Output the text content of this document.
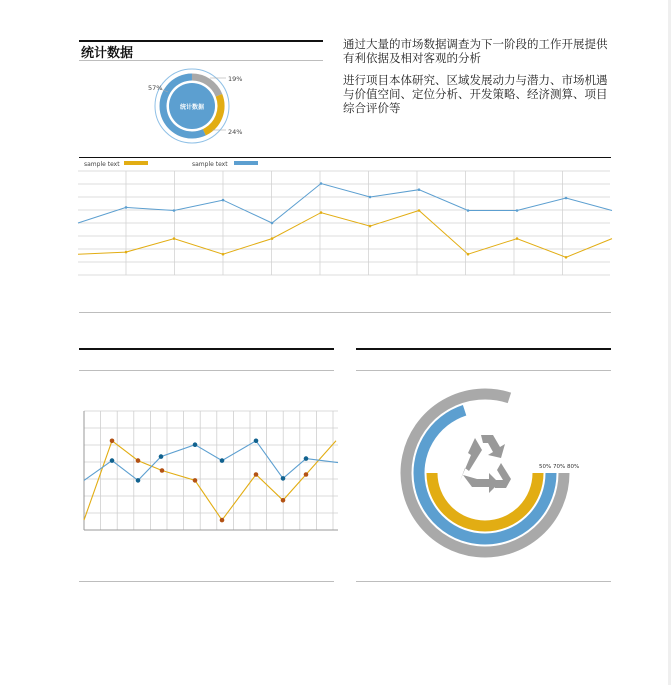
统计数据

通过大量的市场数据调查为下一阶段的工作开展提供有利依据及相对客观的分析

进行项目本体研究、区域发展动力与潜力、市场机遇与价值空间、定位分析、开发策略、经济测算、项目综合评价等

统计数据
57%
19%
24%
sample text	sample text
50% 70% 80%
